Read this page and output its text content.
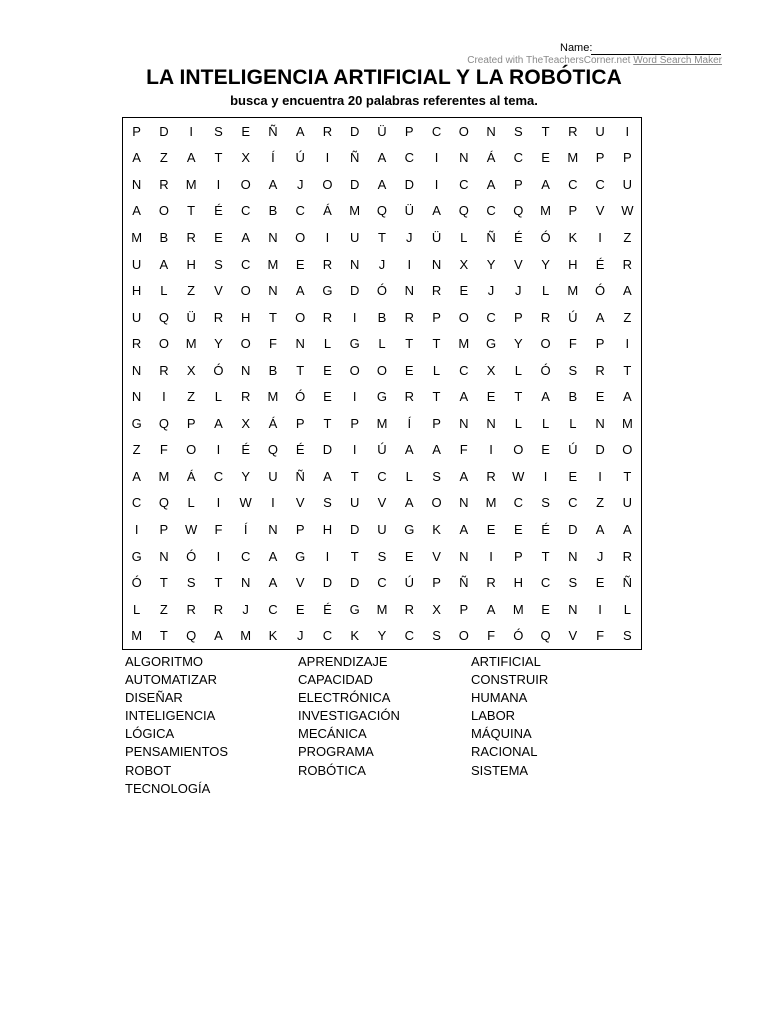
Name:
Created with TheTeachersCorner.net Word Search Maker
LA INTELIGENCIA ARTIFICIAL Y LA ROBÓTICA
busca y encuentra 20 palabras referentes al tema.
P	D	I	S	E	Ñ	A	R	D	Ü	P	C	O	N	S	T	R	U	I
A	Z	A	T	X	Í	Ú	I	Ñ	A	C	I	N	Á	C	E	M	P	P
N	R	M	I	O	A	J	O	D	A	D	I	C	A	P	A	C	C	U
A	O	T	É	C	B	C	Á	M	Q	Ü	A	Q	C	Q	M	P	V	W
M	B	R	E	A	N	O	I	U	T	J	Ü	L	Ñ	É	Ó	K	I	Z
U	A	H	S	C	M	E	R	N	J	I	N	X	Y	V	Y	H	É	R
H	L	Z	V	O	N	A	G	D	Ó	N	R	E	J	J	L	M	Ó	A
U	Q	Ü	R	H	T	O	R	I	B	R	P	O	C	P	R	Ú	A	Z
R	O	M	Y	O	F	N	L	G	L	T	T	M	G	Y	O	F	P	I
N	R	X	Ó	N	B	T	E	O	O	E	L	C	X	L	Ó	S	R	T
N	I	Z	L	R	M	Ó	E	I	G	R	T	A	E	T	A	B	E	A
G	Q	P	A	X	Á	P	T	P	M	Í	P	N	N	L	L	L	N	M
Z	F	O	I	É	Q	É	D	I	Ú	A	A	F	I	O	E	Ú	D	O
A	M	Á	C	Y	U	Ñ	A	T	C	L	S	A	R	W	I	E	I	T
C	Q	L	I	W	I	V	S	U	V	A	O	N	M	C	S	C	Z	U
I	P	W	F	Í	N	P	H	D	U	G	K	A	E	E	É	D	A	A
G	N	Ó	I	C	A	G	I	T	S	E	V	N	I	P	T	N	J	R
Ó	T	S	T	N	A	V	D	D	C	Ú	P	Ñ	R	H	C	S	E	Ñ
L	Z	R	R	J	C	E	É	G	M	R	X	P	A	M	E	N	I	L
M	T	Q	A	M	K	J	C	K	Y	C	S	O	F	Ó	Q	V	F	S
ALGORITMO	APRENDIZAJE	ARTIFICIAL
AUTOMATIZAR	CAPACIDAD	CONSTRUIR
DISEÑAR	ELECTRÓNICA	HUMANA
INTELIGENCIA	INVESTIGACIÓN	LABOR
LÓGICA	MECÁNICA	MÁQUINA
PENSAMIENTOS	PROGRAMA	RACIONAL
ROBOT	ROBÓTICA	SISTEMA
TECNOLOGÍA
